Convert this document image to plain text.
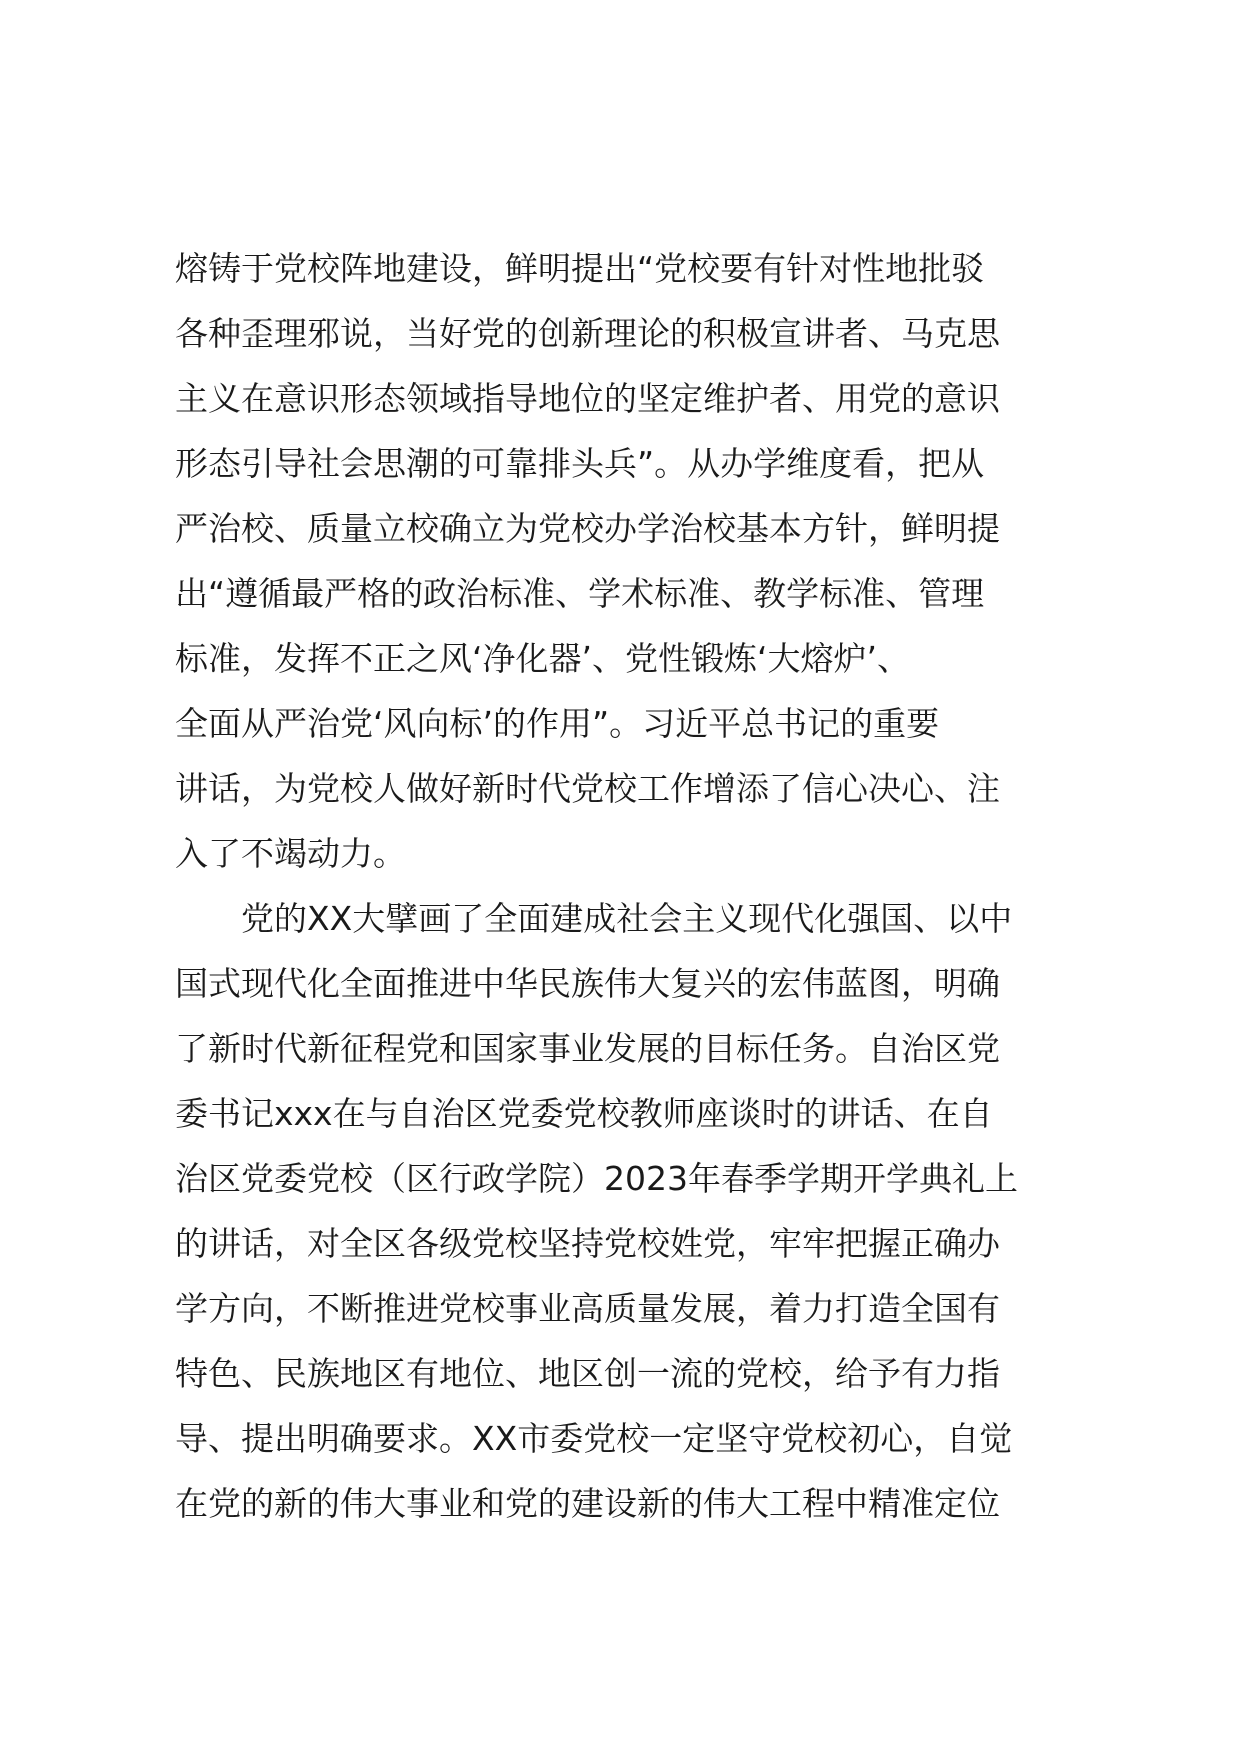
熔铸于党校阵地建设，鲜明提出“党校要有针对性地批驳
各种歪理邪说，当好党的创新理论的积极宣讲者、马克思
主义在意识形态领域指导地位的坚定维护者、用党的意识
形态引导社会思潮的可靠排头兵”。从办学维度看，把从
严治校、质量立校确立为党校办学治校基本方针，鲜明提
出“遵循最严格的政治标准、学术标准、教学标准、管理
标准，发挥不正之风‘净化器’、党性锻炼‘大熔炉’、
全面从严治党‘风向标’的作用”。习近平总书记的重要
讲话，为党校人做好新时代党校工作增添了信心决心、注
入了不竭动力。
党的XX大擘画了全面建成社会主义现代化强国、以中
国式现代化全面推进中华民族伟大复兴的宏伟蓝图，明确
了新时代新征程党和国家事业发展的目标任务。自治区党
委书记xxx在与自治区党委党校教师座谈时的讲话、在自
治区党委党校（区行政学院）2023年春季学期开学典礼上
的讲话，对全区各级党校坚持党校姓党，牢牢把握正确办
学方向，不断推进党校事业高质量发展，着力打造全国有
特色、民族地区有地位、地区创一流的党校，给予有力指
导、提出明确要求。XX市委党校一定坚守党校初心，自觉
在党的新的伟大事业和党的建设新的伟大工程中精准定位
